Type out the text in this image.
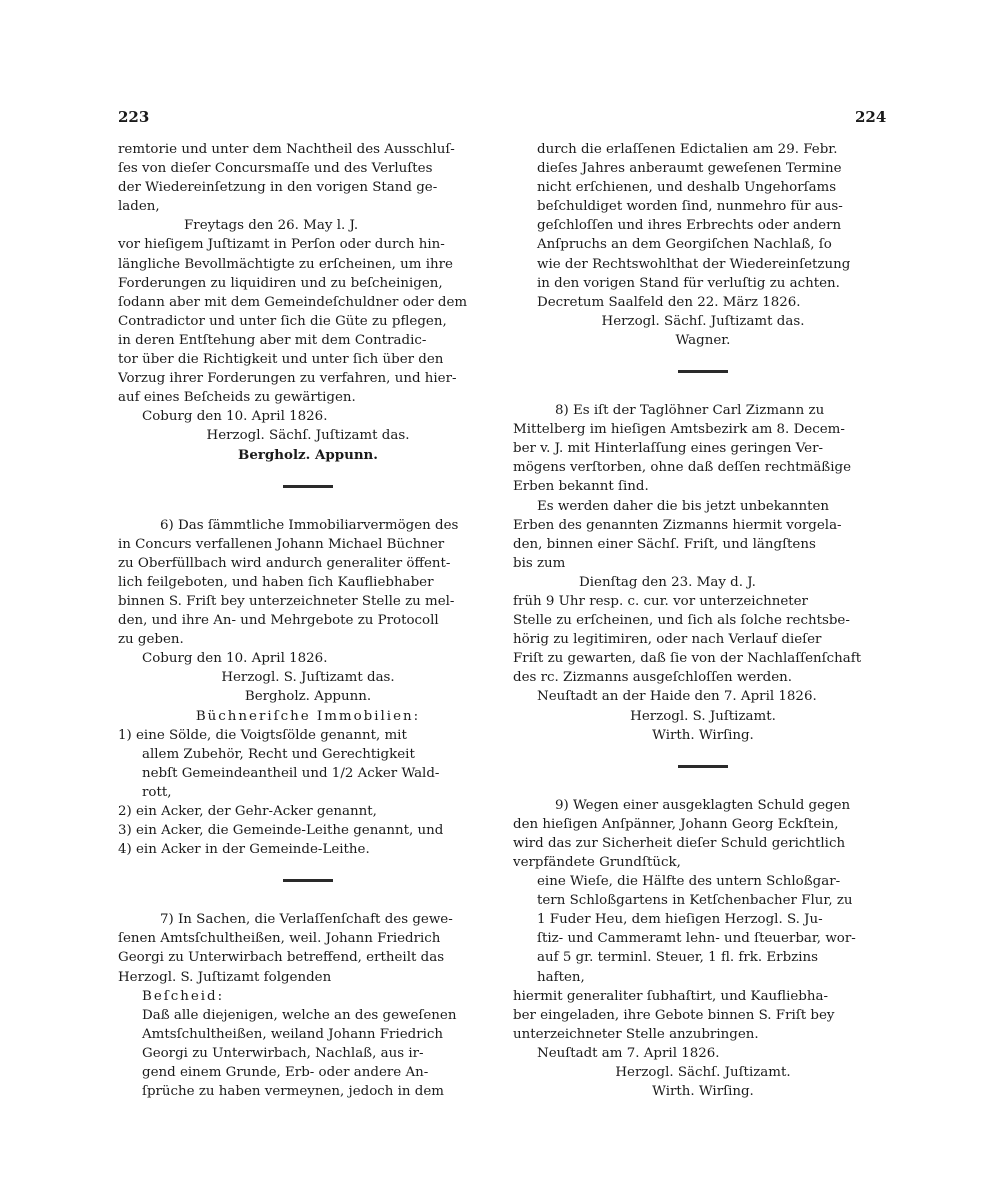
223	224
remtorie und unter dem Nachtheil des Ausschluſ-
ſes von dieſer Concursmaſſe und des Verluſtes
der Wiedereinſetzung in den vorigen Stand ge-
laden,
Freytags den 26. May l. J.
vor hieſigem Juſtizamt in Perſon oder durch hin-
längliche Bevollmächtigte zu erſcheinen, um ihre
Forderungen zu liquidiren und zu beſcheinigen,
ſodann aber mit dem Gemeindeſchuldner oder dem
Contradictor und unter ſich die Güte zu pflegen,
in deren Entſtehung aber mit dem Contradic-
tor über die Richtigkeit und unter ſich über den
Vorzug ihrer Forderungen zu verfahren, und hier-
auf eines Beſcheids zu gewärtigen.
Coburg den 10. April 1826.
Herzogl. Sächſ. Juſtizamt das.
Bergholz. Appunn.
6) Das ſämmtliche Immobiliarvermögen des
in Concurs verfallenen Johann Michael Büchner
zu Oberfüllbach wird andurch generaliter öffent-
lich feilgeboten, und haben ſich Kaufliebhaber
binnen S. Friſt bey unterzeichneter Stelle zu mel-
den, und ihre An- und Mehrgebote zu Protocoll
zu geben.
Coburg den 10. April 1826.
Herzogl. S. Juſtizamt das.
Bergholz. Appunn.
Büchneriſche Immobilien:
1) eine Sölde, die Voigtsſölde genannt, mit
allem Zubehör, Recht und Gerechtigkeit
nebſt Gemeindeantheil und 1/2 Acker Wald-
rott,
2) ein Acker, der Gehr-Acker genannt,
3) ein Acker, die Gemeinde-Leithe genannt, und
4) ein Acker in der Gemeinde-Leithe.
7) In Sachen, die Verlaſſenſchaft des gewe-
ſenen Amtsſchultheißen, weil. Johann Friedrich
Georgi zu Unterwirbach betreffend, ertheilt das
Herzogl. S. Juſtizamt folgenden
Beſcheid:
Daß alle diejenigen, welche an des geweſenen
Amtsſchultheißen, weiland Johann Friedrich
Georgi zu Unterwirbach, Nachlaß, aus ir-
gend einem Grunde, Erb- oder andere An-
ſprüche zu haben vermeynen, jedoch in dem
durch die erlaſſenen Edictalien am 29. Febr.
dieſes Jahres anberaumt geweſenen Termine
nicht erſchienen, und deshalb Ungehorſams
beſchuldiget worden ſind, nunmehro für aus-
geſchloſſen und ihres Erbrechts oder andern
Anſpruchs an dem Georgiſchen Nachlaß, ſo
wie der Rechtswohlthat der Wiedereinſetzung
in den vorigen Stand für verluſtig zu achten.
Decretum Saalfeld den 22. März 1826.
Herzogl. Sächſ. Juſtizamt das.
Wagner.
8) Es iſt der Taglöhner Carl Zizmann zu
Mittelberg im hieſigen Amtsbezirk am 8. Decem-
ber v. J. mit Hinterlaſſung eines geringen Ver-
mögens verſtorben, ohne daß deſſen rechtmäßige
Erben bekannt ſind.
Es werden daher die bis jetzt unbekannten
Erben des genannten Zizmanns hiermit vorgela-
den, binnen einer Sächſ. Friſt, und längſtens
bis zum
Dienſtag den 23. May d. J.
früh 9 Uhr resp. c. cur. vor unterzeichneter
Stelle zu erſcheinen, und ſich als ſolche rechtsbe-
hörig zu legitimiren, oder nach Verlauf dieſer
Friſt zu gewarten, daß ſie von der Nachlaſſenſchaft
des rc. Zizmanns ausgeſchloſſen werden.
Neuſtadt an der Haide den 7. April 1826.
Herzogl. S. Juſtizamt.
Wirth. Wirſing.
9) Wegen einer ausgeklagten Schuld gegen
den hieſigen Anſpänner, Johann Georg Eckſtein,
wird das zur Sicherheit dieſer Schuld gerichtlich
verpfändete Grundſtück,
eine Wieſe, die Hälfte des untern Schloßgar-
tern Schloßgartens in Ketſchenbacher Flur, zu
1 Fuder Heu, dem hieſigen Herzogl. S. Ju-
ſtiz- und Cammeramt lehn- und ſteuerbar, wor-
auf 5 gr. terminl. Steuer, 1 fl. frk. Erbzins
haften,
hiermit generaliter ſubhaſtirt, und Kaufliebha-
ber eingeladen, ihre Gebote binnen S. Friſt bey
unterzeichneter Stelle anzubringen.
Neuſtadt am 7. April 1826.
Herzogl. Sächſ. Juſtizamt.
Wirth. Wirſing.
